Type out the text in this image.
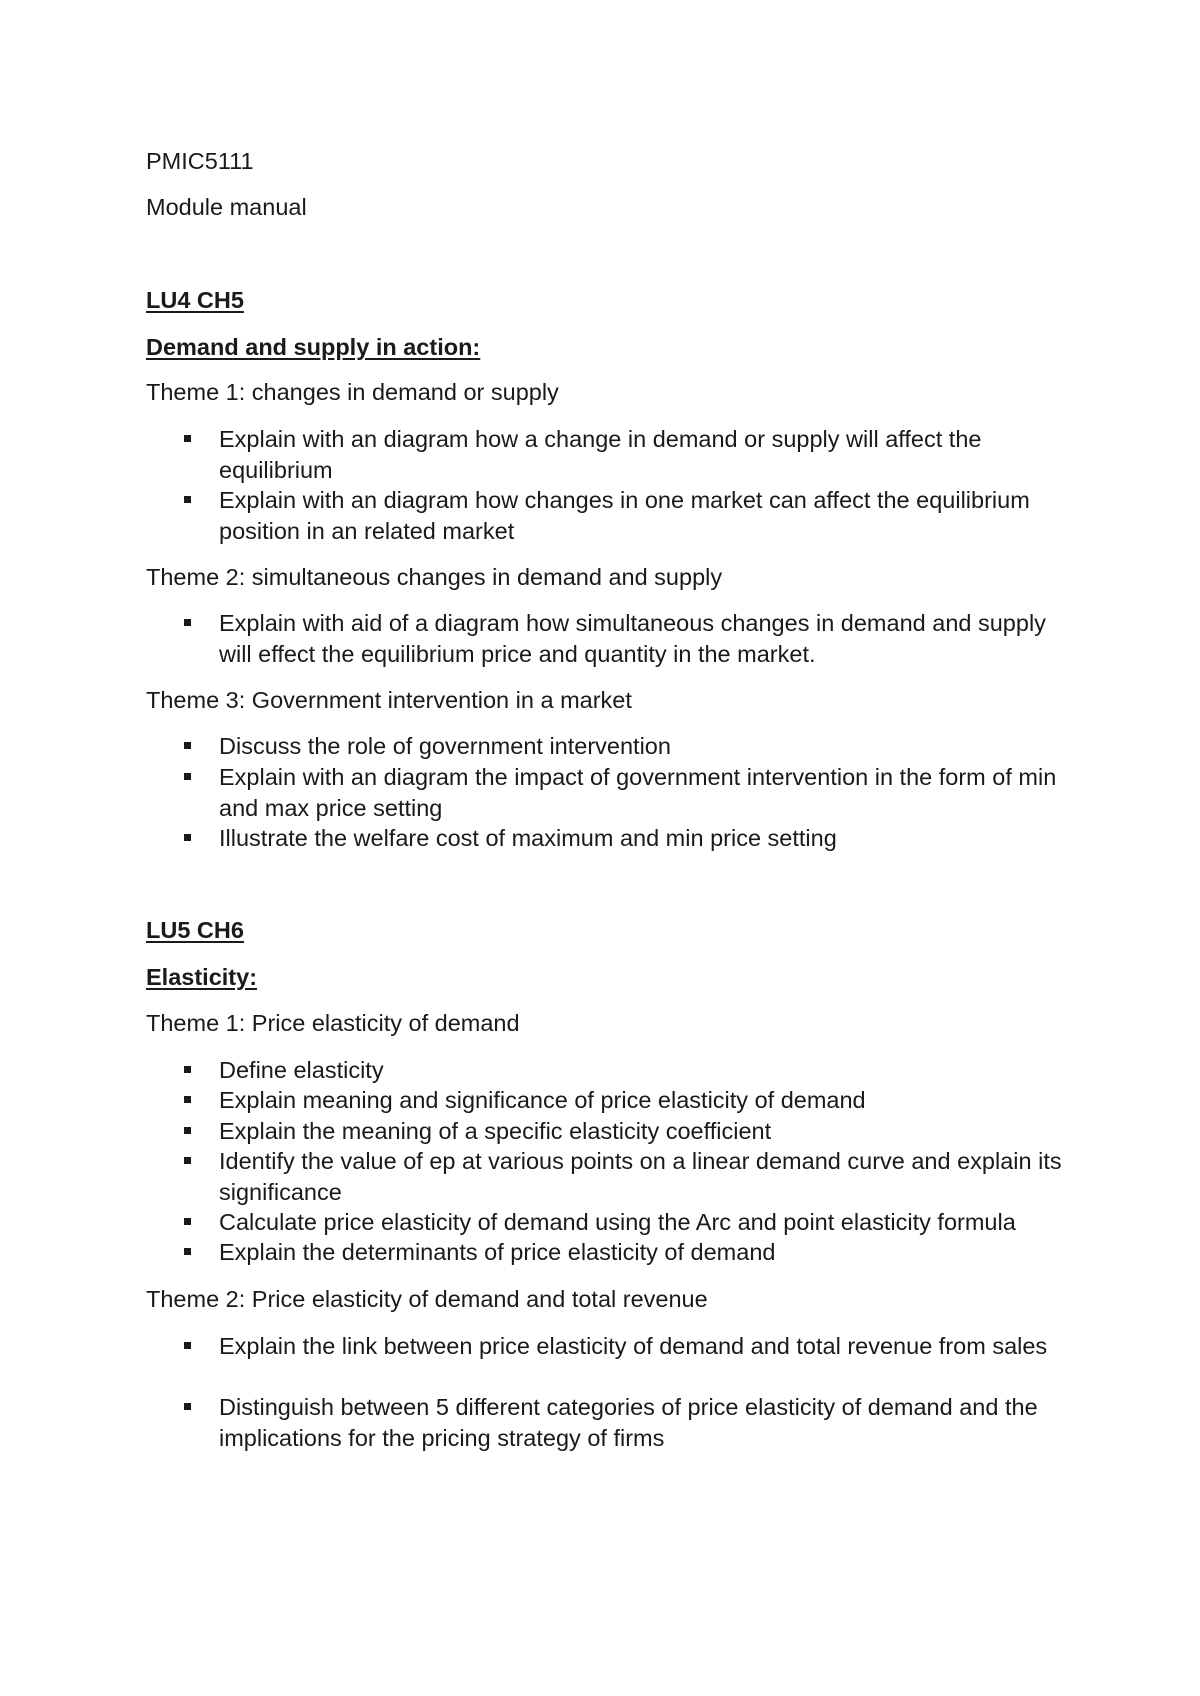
PMIC5111
Module manual
LU4 CH5
Demand and supply in action:
Theme 1: changes in demand or supply
Explain with an diagram how a change in demand or supply will affect the equilibrium
Explain with an diagram how changes in one market can affect the equilibrium position in an related market
Theme 2: simultaneous changes in demand and supply
Explain with aid of a diagram how simultaneous changes in demand and supply will effect the equilibrium price and quantity in the market.
Theme 3: Government intervention in a market
Discuss the role of government intervention
Explain with an diagram the impact of government intervention in the form of min and max price setting
Illustrate the welfare cost of maximum and min price setting
LU5 CH6
Elasticity:
Theme 1: Price elasticity of demand
Define elasticity
Explain meaning and significance of price elasticity of demand
Explain the meaning of a specific elasticity coefficient
Identify the value of ep at various points on a linear demand curve and explain its significance
Calculate price elasticity of demand using the Arc and point elasticity formula
Explain the determinants of price elasticity of demand
Theme 2: Price elasticity of demand and total revenue
Explain the link between price elasticity of demand and total revenue from sales
Distinguish between 5 different categories of price elasticity of demand and the implications for the pricing strategy of firms
